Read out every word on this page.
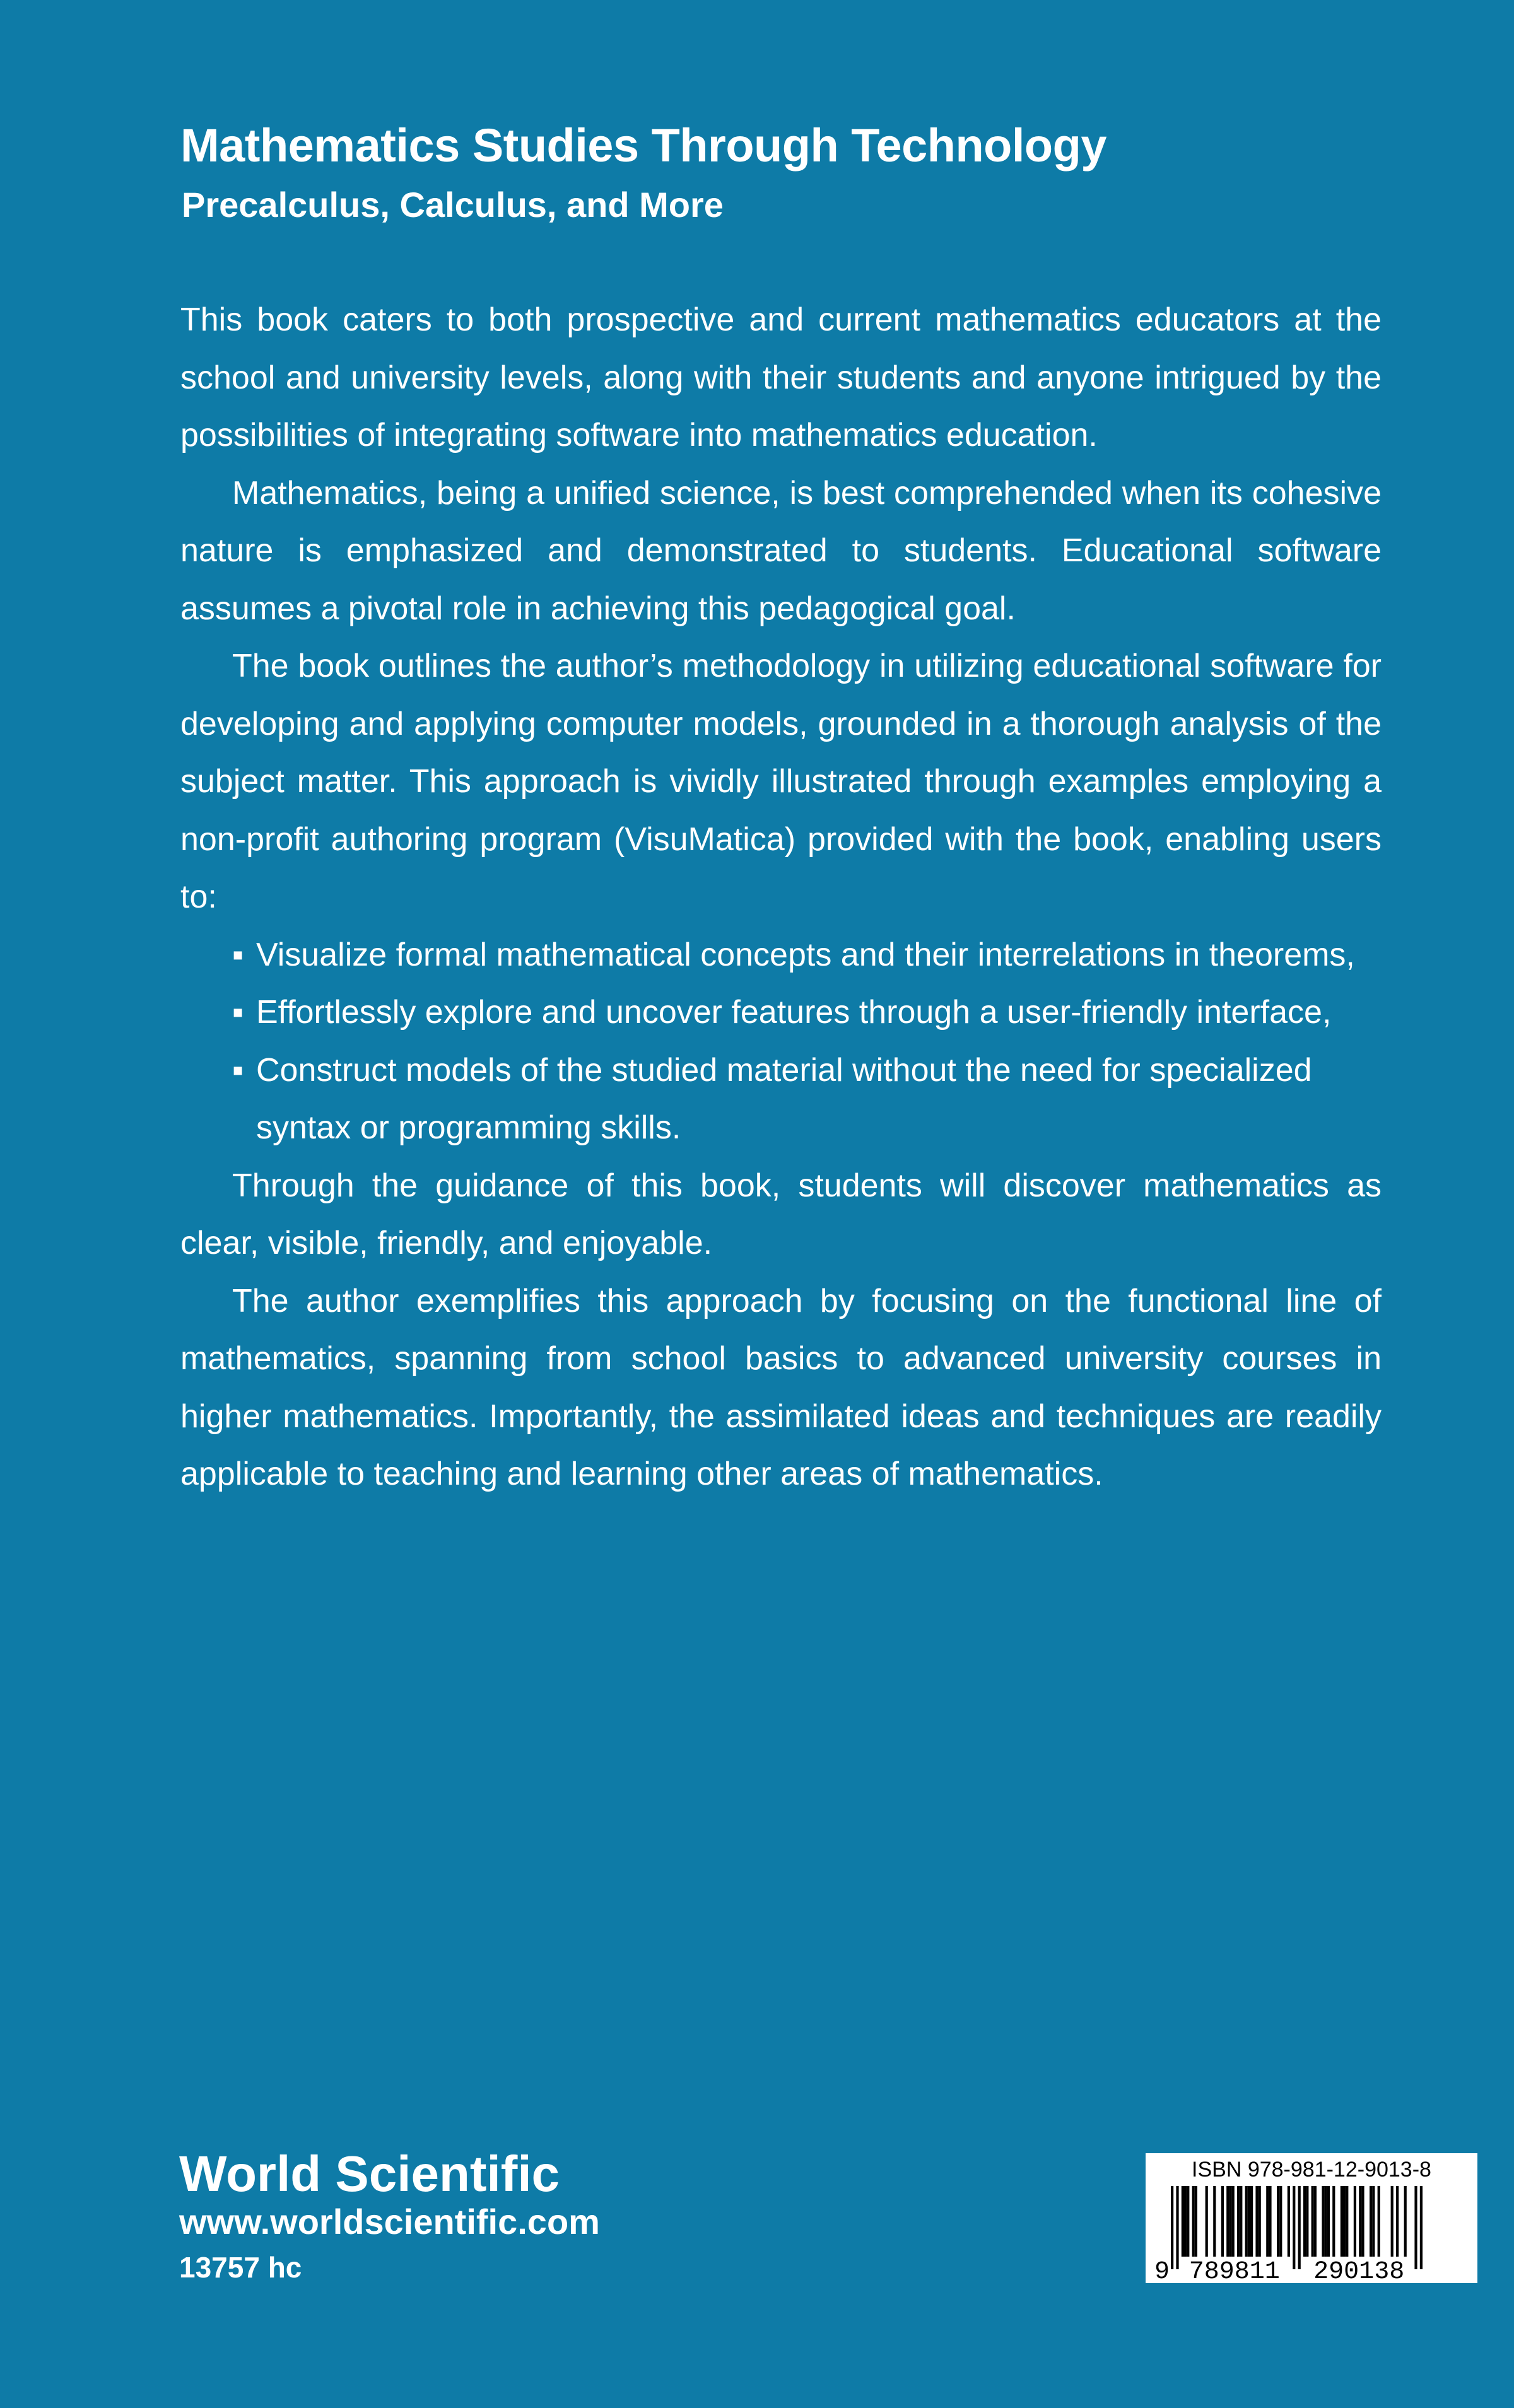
Mathematics Studies Through Technology
Precalculus, Calculus, and More

This book caters to both prospective and current mathematics educators at the school and university levels, along with their students and anyone intrigued by the possibilities of integrating software into mathematics education.

Mathematics, being a unified science, is best comprehended when its cohesive nature is emphasized and demonstrated to students. Educational software assumes a pivotal role in achieving this pedagogical goal.

The book outlines the author’s methodology in utilizing educational software for developing and applying computer models, grounded in a thorough analysis of the subject matter. This approach is vividly illustrated through examples employing a non-profit authoring program (VisuMatica) provided with the book, enabling users to:

▪ Visualize formal mathematical concepts and their interrelations in theorems,
▪ Effortlessly explore and uncover features through a user-friendly interface,
▪ Construct models of the studied material without the need for specialized syntax or programming skills.

Through the guidance of this book, students will discover mathematics as clear, visible, friendly, and enjoyable.

The author exemplifies this approach by focusing on the functional line of mathematics, spanning from school basics to advanced university courses in higher mathematics. Importantly, the assimilated ideas and techniques are readily applicable to teaching and learning other areas of mathematics.

World Scientific
www.worldscientific.com
13757 hc
ISBN 978-981-12-9013-8
9 789811 290138
